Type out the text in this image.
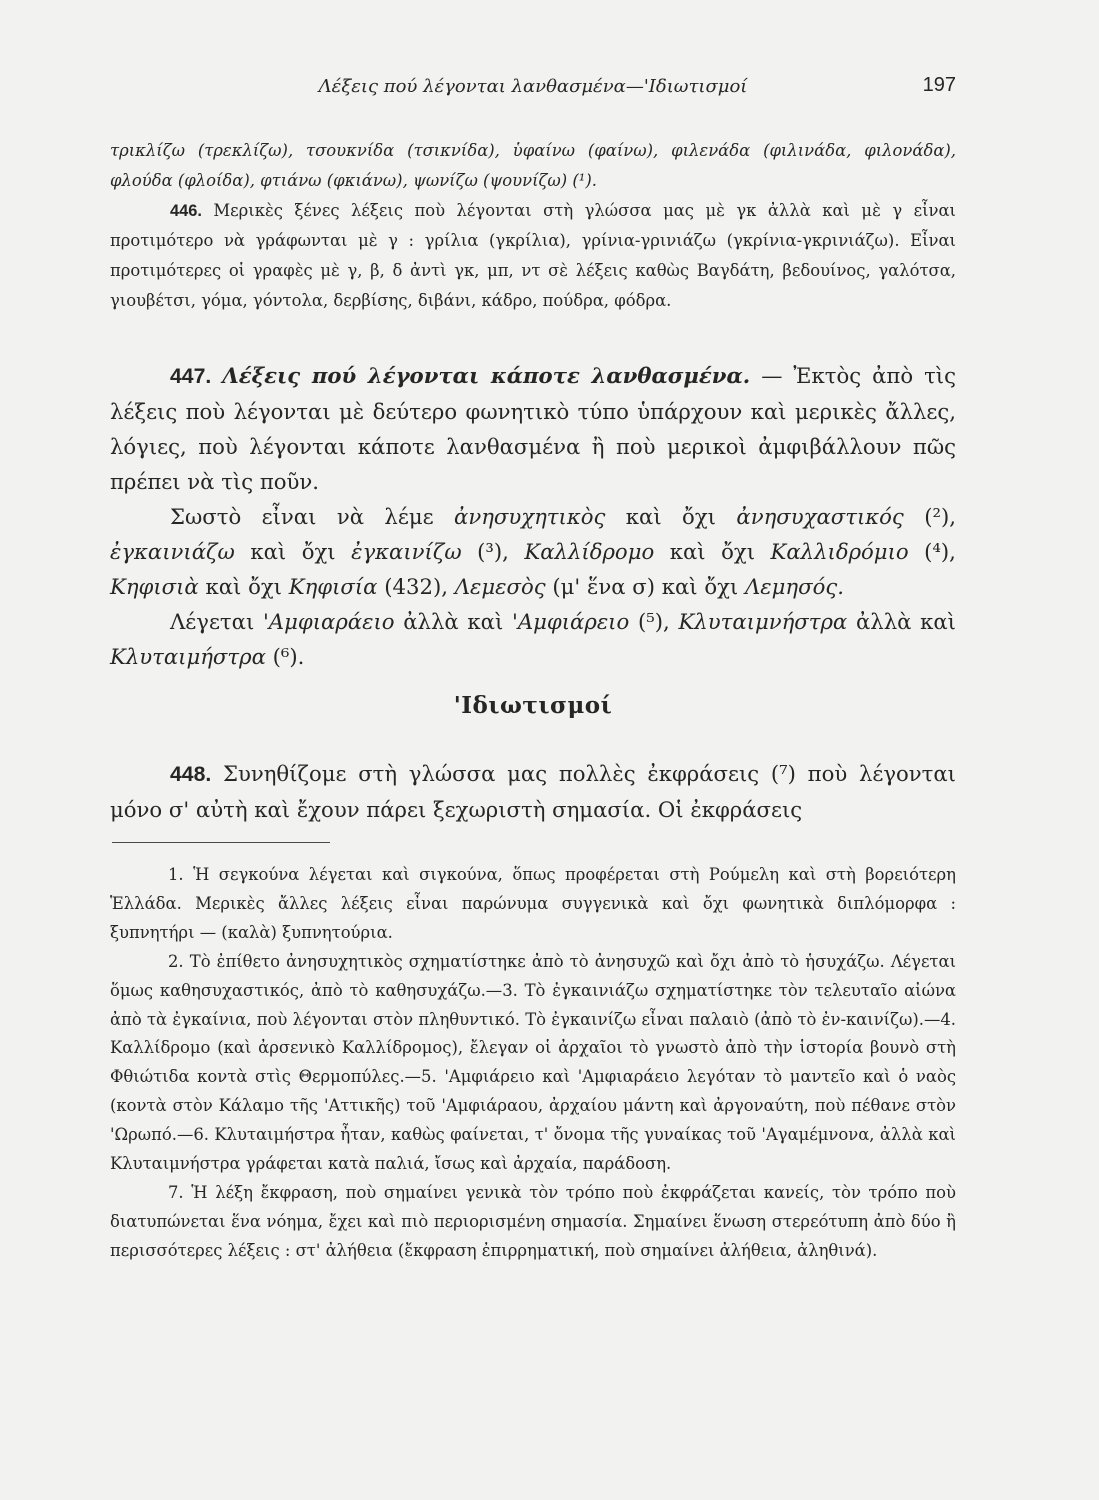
Λέξεις πού λέγονται λανθασμένα—'Ιδιωτισμοί	197

τρικλίζω (τρεκλίζω), τσουκνίδα (τσικνίδα), ὑφαίνω (φαίνω), φιλενάδα (φιλινάδα, φιλονάδα), φλούδα (φλοίδα), φτιάνω (φκιάνω), ψωνίζω (ψουνίζω) (¹).

446. Μερικὲς ξένες λέξεις ποὺ λέγονται στὴ γλώσσα μας μὲ γκ ἀλλὰ καὶ μὲ γ εἶναι προτιμότερο νὰ γράφωνται μὲ γ : γρίλια (γκρίλια), γρίνια-γρινιάζω (γκρίνια-γκρινιάζω). Εἶναι προτιμότερες οἱ γραφὲς μὲ γ, β, δ ἀντὶ γκ, μπ, ντ σὲ λέξεις καθὼς Βαγδάτη, βεδουίνος, γαλότσα, γιουβέτσι, γόμα, γόντολα, δερβίσης, διβάνι, κάδρο, πούδρα, φόδρα.

447. Λέξεις πού λέγονται κάποτε λανθασμένα. — Ἐκτὸς ἀπὸ τὶς λέξεις ποὺ λέγονται μὲ δεύτερο φωνητικὸ τύπο ὑπάρχουν καὶ μερικὲς ἄλλες, λόγιες, ποὺ λέγονται κάποτε λανθασμένα ἢ ποὺ μερικοὶ ἀμφιβάλλουν πῶς πρέπει νὰ τὶς ποῦν.

Σωστὸ εἶναι νὰ λέμε ἀνησυχητικὸς καὶ ὄχι ἀνησυχαστικός (²), ἐγκαινιάζω καὶ ὄχι ἐγκαινίζω (³), Καλλίδρομο καὶ ὄχι Καλλιδρόμιο (⁴), Κηφισιὰ καὶ ὄχι Κηφισία (432), Λεμεσὸς (μ' ἕνα σ) καὶ ὄχι Λεμησός.

Λέγεται 'Αμφιαράειο ἀλλὰ καὶ 'Αμφιάρειο (⁵), Κλυταιμνήστρα ἀλλὰ καὶ Κλυταιμήστρα (⁶).

'Ιδιωτισμοί

448. Συνηθίζομε στὴ γλώσσα μας πολλὲς ἐκφράσεις (⁷) ποὺ λέγονται μόνο σ' αὐτὴ καὶ ἔχουν πάρει ξεχωριστὴ σημασία. Οἱ ἐκφράσεις

1. Ἡ σεγκούνα λέγεται καὶ σιγκούνα, ὅπως προφέρεται στὴ Ρούμελη καὶ στὴ βορειότερη Ἑλλάδα. Μερικὲς ἄλλες λέξεις εἶναι παρώνυμα συγγενικὰ καὶ ὄχι φωνητικὰ διπλόμορφα : ξυπνητήρι — (καλὰ) ξυπνητούρια.

2. Τὸ ἐπίθετο ἀνησυχητικὸς σχηματίστηκε ἀπὸ τὸ ἀνησυχῶ καὶ ὄχι ἀπὸ τὸ ἡσυχάζω. Λέγεται ὅμως καθησυχαστικός, ἀπὸ τὸ καθησυχάζω.—3. Τὸ ἐγκαινιάζω σχηματίστηκε τὸν τελευταῖο αἰώνα ἀπὸ τὰ ἐγκαίνια, ποὺ λέγονται στὸν πληθυντικό. Τὸ ἐγκαινίζω εἶναι παλαιὸ (ἀπὸ τὸ ἐν-καινίζω).—4. Καλλίδρομο (καὶ ἀρσενικὸ Καλλίδρομος), ἔλεγαν οἱ ἀρχαῖοι τὸ γνωστὸ ἀπὸ τὴν ἱστορία βουνὸ στὴ Φθιώτιδα κοντὰ στὶς Θερμοπύλες.—5. 'Αμφιάρειο καὶ 'Αμφιαράειο λεγόταν τὸ μαντεῖο καὶ ὁ ναὸς (κοντὰ στὸν Κάλαμο τῆς 'Αττικῆς) τοῦ 'Αμφιάραου, ἀρχαίου μάντη καὶ ἀργοναύτη, ποὺ πέθανε στὸν 'Ωρωπό.—6. Κλυταιμήστρα ἦταν, καθὼς φαίνεται, τ' ὄνομα τῆς γυναίκας τοῦ 'Αγαμέμνονα, ἀλλὰ καὶ Κλυταιμνήστρα γράφεται κατὰ παλιά, ἴσως καὶ ἀρχαία, παράδοση.

7. Ἡ λέξη ἔκφραση, ποὺ σημαίνει γενικὰ τὸν τρόπο ποὺ ἐκφράζεται κανείς, τὸν τρόπο ποὺ διατυπώνεται ἕνα νόημα, ἔχει καὶ πιὸ περιορισμένη σημασία. Σημαίνει ἕνωση στερεότυπη ἀπὸ δύο ἢ περισσότερες λέξεις : στ' ἀλήθεια (ἔκφραση ἐπιρρηματική, ποὺ σημαίνει ἀλήθεια, ἀληθινά).
